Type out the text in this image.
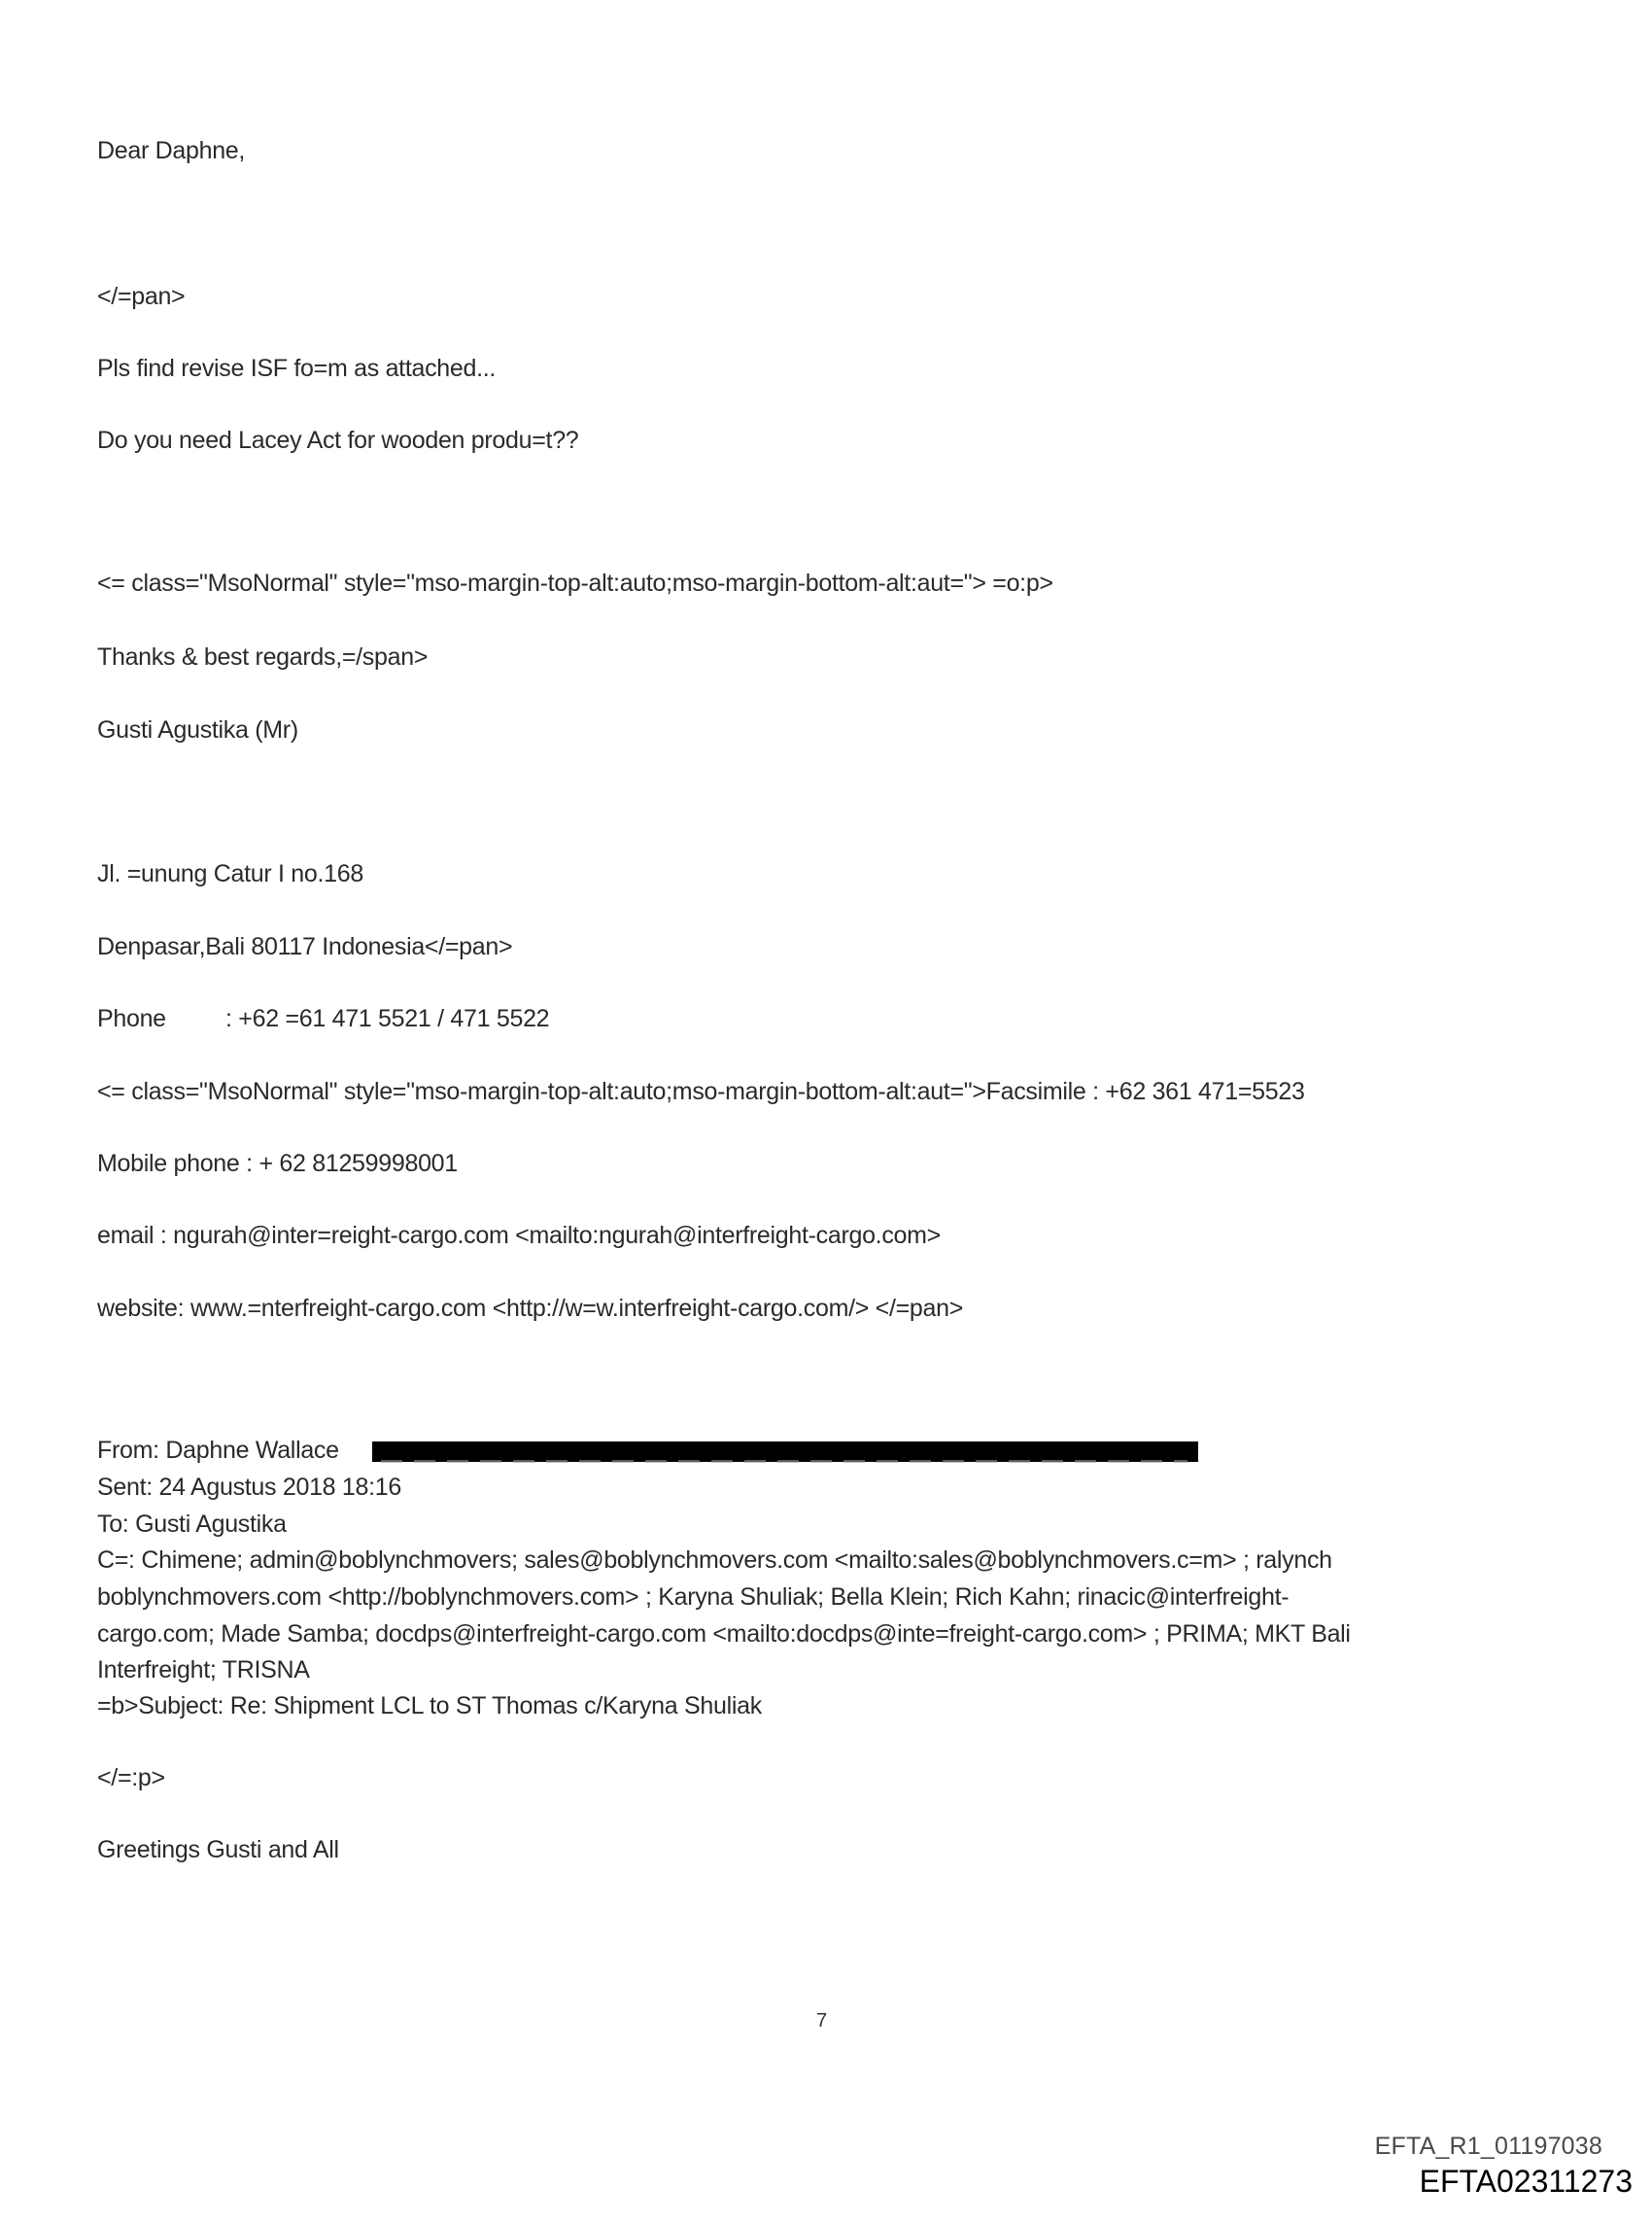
Dear Daphne,
</=pan>
Pls find revise ISF fo=m as attached...
Do you need Lacey Act for wooden produ=t??
<= class="MsoNormal" style="mso-margin-top-alt:auto;mso-margin-bottom-alt:aut="> =o:p>
Thanks & best regards,=/span>
Gusti Agustika (Mr)
Jl. =unung Catur I no.168
Denpasar,Bali 80117 Indonesia</=pan>
Phone : +62 =61 471 5521 / 471 5522
<= class="MsoNormal" style="mso-margin-top-alt:auto;mso-margin-bottom-alt:aut=">Facsimile : +62 361 471=5523
Mobile phone : + 62 81259998001
email : ngurah@inter=reight-cargo.com <mailto:ngurah@interfreight-cargo.com>
website: www.=nterfreight-cargo.com <http://w=w.interfreight-cargo.com/> </=pan>
From: Daphne Wallace
Sent: 24 Agustus 2018 18:16
To: Gusti Agustika
C=: Chimene; admin@boblynchmovers; sales@boblynchmovers.com <mailto:sales@boblynchmovers.c=m> ; ralynch
boblynchmovers.com <http://boblynchmovers.com> ; Karyna Shuliak; Bella Klein; Rich Kahn; rinacic@interfreight-
cargo.com; Made Samba; docdps@interfreight-cargo.com <mailto:docdps@inte=freight-cargo.com> ; PRIMA; MKT Bali
Interfreight; TRISNA
=b>Subject: Re: Shipment LCL to ST Thomas c/Karyna Shuliak
</=:p>
Greetings Gusti and All
7
EFTA_R1_01197038
EFTA02311273
